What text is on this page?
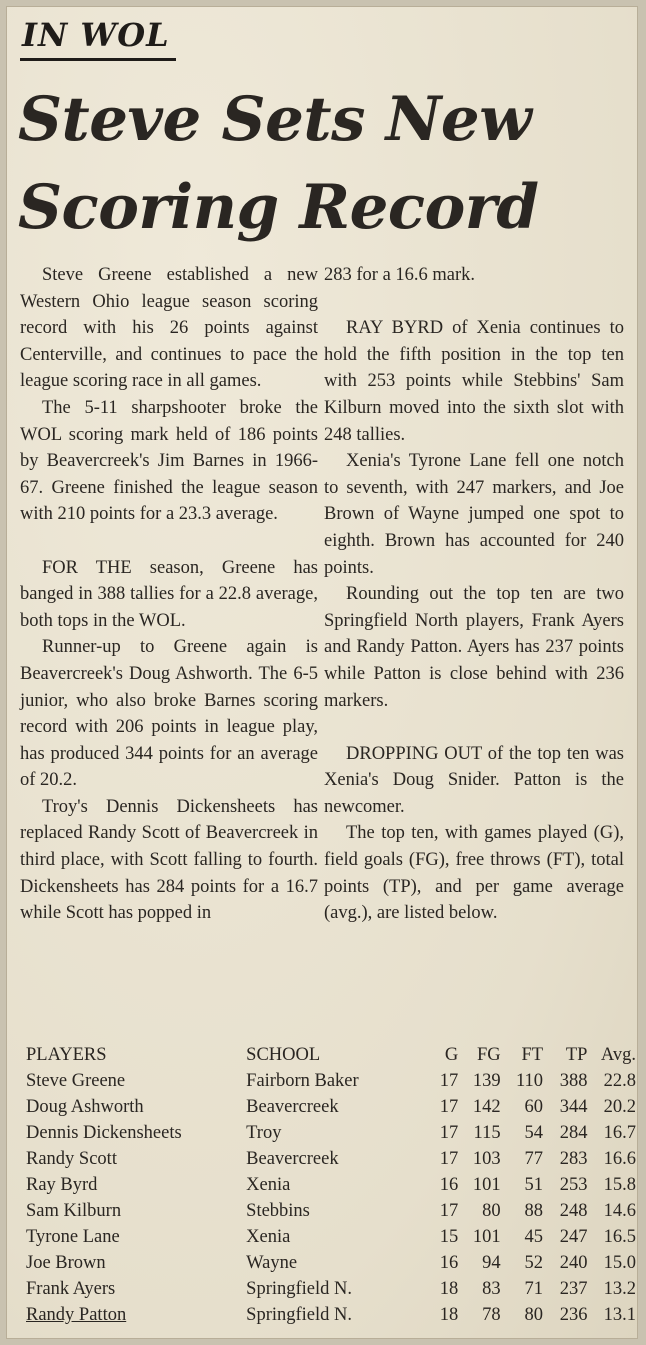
IN WOL
Steve Sets New
Scoring Record

Steve Greene established a new Western Ohio league season scoring record with his 26 points against Centerville, and continues to pace the league scoring race in all games.

The 5-11 sharpshooter broke the WOL scoring mark held of 186 points by Beavercreek's Jim Barnes in 1966-67. Greene finished the league season with 210 points for a 23.3 average.

FOR THE season, Greene has banged in 388 tallies for a 22.8 average, both tops in the WOL.

Runner-up to Greene again is Beavercreek's Doug Ashworth. The 6-5 junior, who also broke Barnes scoring record with 206 points in league play, has produced 344 points for an average of 20.2.

Troy's Dennis Dickensheets has replaced Randy Scott of Beavercreek in third place, with Scott falling to fourth. Dickensheets has 284 points for a 16.7 while Scott has popped in

283 for a 16.6 mark.

RAY BYRD of Xenia continues to hold the fifth position in the top ten with 253 points while Stebbins' Sam Kilburn moved into the sixth slot with 248 tallies.

Xenia's Tyrone Lane fell one notch to seventh, with 247 markers, and Joe Brown of Wayne jumped one spot to eighth. Brown has accounted for 240 points.

Rounding out the top ten are two Springfield North players, Frank Ayers and Randy Patton. Ayers has 237 points while Patton is close behind with 236 markers.

DROPPING OUT of the top ten was Xenia's Doug Snider. Patton is the newcomer.

The top ten, with games played (G), field goals (FG), free throws (FT), total points (TP), and per game average (avg.), are listed below.

PLAYERS	SCHOOL	G	FG	FT	TP	Avg.
Steve Greene	Fairborn Baker	17	139	110	388	22.8
Doug Ashworth	Beavercreek	17	142	60	344	20.2
Dennis Dickensheets	Troy	17	115	54	284	16.7
Randy Scott	Beavercreek	17	103	77	283	16.6
Ray Byrd	Xenia	16	101	51	253	15.8
Sam Kilburn	Stebbins	17	80	88	248	14.6
Tyrone Lane	Xenia	15	101	45	247	16.5
Joe Brown	Wayne	16	94	52	240	15.0
Frank Ayers	Springfield N.	18	83	71	237	13.2
Randy Patton	Springfield N.	18	78	80	236	13.1
